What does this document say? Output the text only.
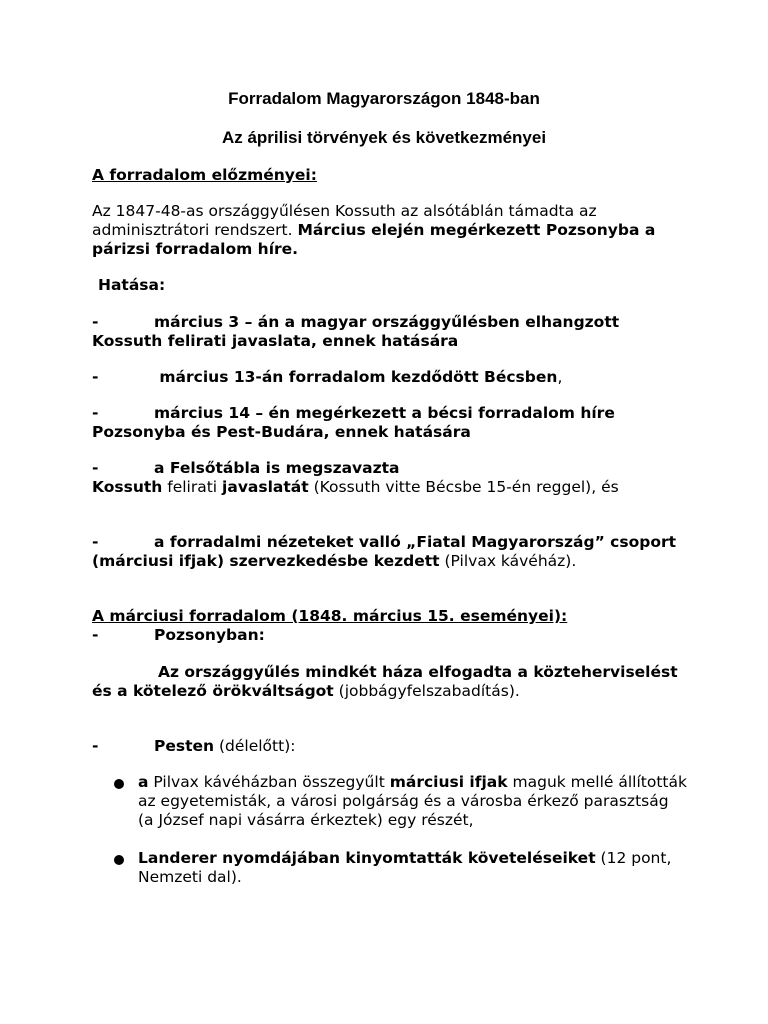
Forradalom Magyarországon 1848-ban
Az áprilisi törvények és következményei
A forradalom előzményei:
Az 1847-48-as országgyűlésen Kossuth az alsótáblán támadta az adminisztrátori rendszert. Március elején megérkezett Pozsonyba a párizsi forradalom híre.
Hatása:
-	március 3 – án a magyar országgyűlésben elhangzott Kossuth felirati javaslata, ennek hatására
-	március 13-án forradalom kezdődött Bécsben,
-	március 14 – én megérkezett a bécsi forradalom híre Pozsonyba és Pest-Budára, ennek hatására
-	a Felsőtábla is megszavazta
Kossuth felirati javaslatát (Kossuth vitte Bécsbe 15-én reggel), és
-	a forradalmi nézeteket valló „Fiatal Magyarország” csoport (márciusi ifjak) szervezkedésbe kezdett (Pilvax kávéház).
A márciusi forradalom (1848. március 15. eseményei):
-	Pozsonyban:
Az országgyűlés mindkét háza elfogadta a közteherviselést és a kötelező örökváltságot (jobbágyfelszabadítás).
-	Pesten (délelőtt):
a Pilvax kávéházban összegyűlt márciusi ifjak maguk mellé állították az egyetemisták, a városi polgárság és a városba érkező parasztság (a József napi vásárra érkeztek) egy részét,
Landerer nyomdájában kinyomtatták követeléseiket (12 pont, Nemzeti dal).
